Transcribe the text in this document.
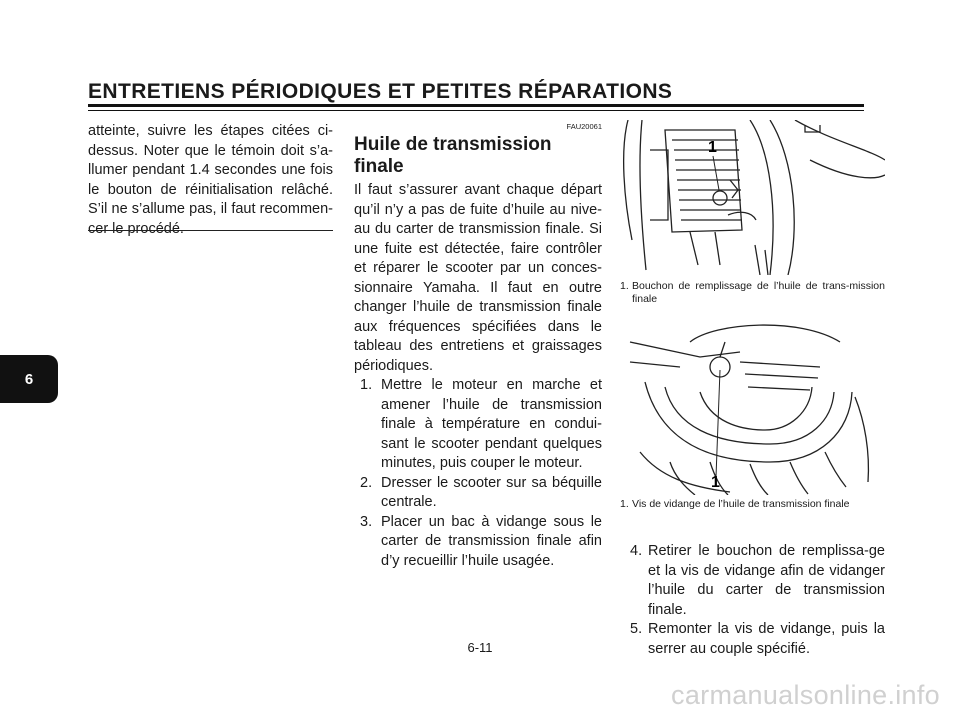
ENTRETIENS PÉRIODIQUES ET PETITES RÉPARATIONS
6

atteinte, suivre les étapes citées ci-dessus. Noter que le témoin doit s’a-llumer pendant 1.4 secondes une fois le bouton de réinitialisation relâché. S’il ne s’allume pas, il faut recommen-cer le procédé.

FAU20061
Huile de transmission finale

Il faut s’assurer avant chaque départ qu’il n’y a pas de fuite d’huile au nive-au du carter de transmission finale. Si une fuite est détectée, faire contrôler et réparer le scooter par un conces-sionnaire Yamaha. Il faut en outre changer l’huile de transmission finale aux fréquences spécifiées dans le tableau des entretiens et graissages périodiques.

1. Mettre le moteur en marche et amener l’huile de transmission finale à température en condui-sant le scooter pendant quelques minutes, puis couper le moteur.
2. Dresser le scooter sur sa béquille centrale.
3. Placer un bac à vidange sous le carter de transmission finale afin d’y recueillir l’huile usagée.
1
1. Bouchon de remplissage de l’huile de trans-mission finale
1
1. Vis de vidange de l’huile de transmission finale
4. Retirer le bouchon de remplissa-ge et la vis de vidange afin de vidanger l’huile du carter de transmission finale.
5. Remonter la vis de vidange, puis la serrer au couple spécifié.
6-11
carmanualsonline.info
